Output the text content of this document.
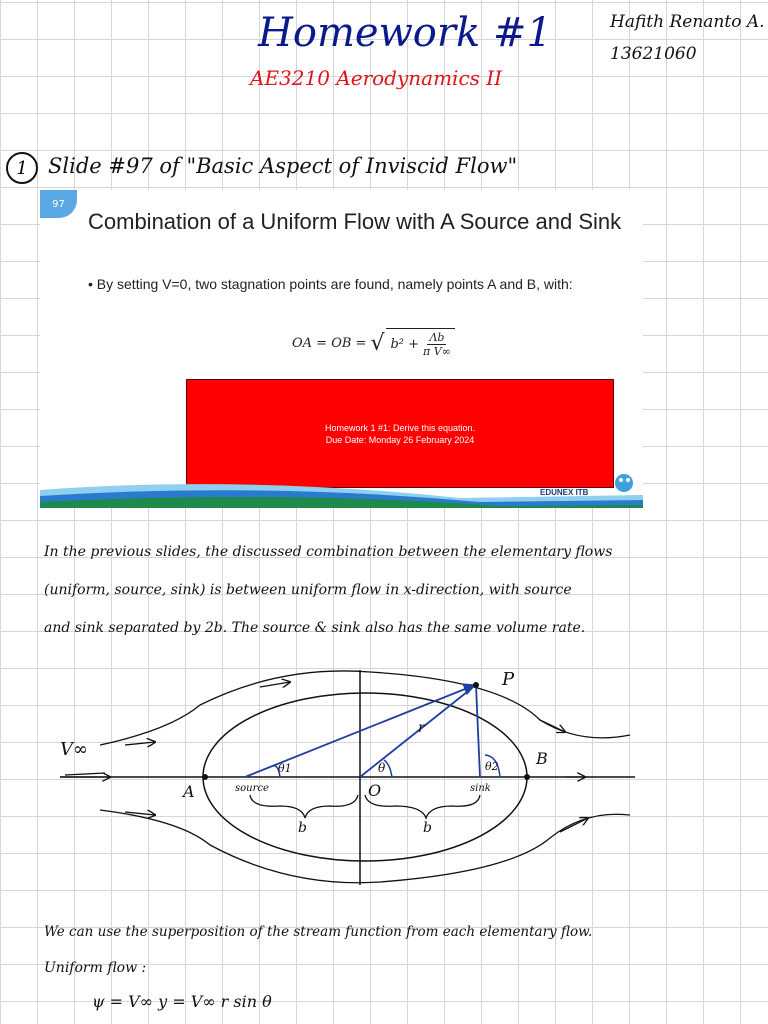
Homework #1
AE3210 Aerodynamics II
Hafith Renanto A.
13621060
1 Slide #97 of "Basic Aspect of Inviscid Flow"
97
Combination of a Uniform Flow with A Source and Sink
• By setting V=0, two stagnation points are found, namely points A and B, with:
OA = OB = √ $b^2 + \frac{\Lambda b}{\text{π V∞}}$
Homework 1 #1: Derive this equation.
Due Date: Monday 26 February 2024
EDUNEX ITB
In the previous slides, the discussed combination between the elementary flows
(uniform, source, sink) is between uniform flow in x-direction, with source
and sink separated by 2b. The source & sink also has the same volume rate.
V∞
P
A
B
O
r
θ1	θ	θ2
source	sink
b	b
We can use the superposition of the stream function from each elementary flow.
Uniform flow :
ψ = V∞ y = V∞ r sin θ
